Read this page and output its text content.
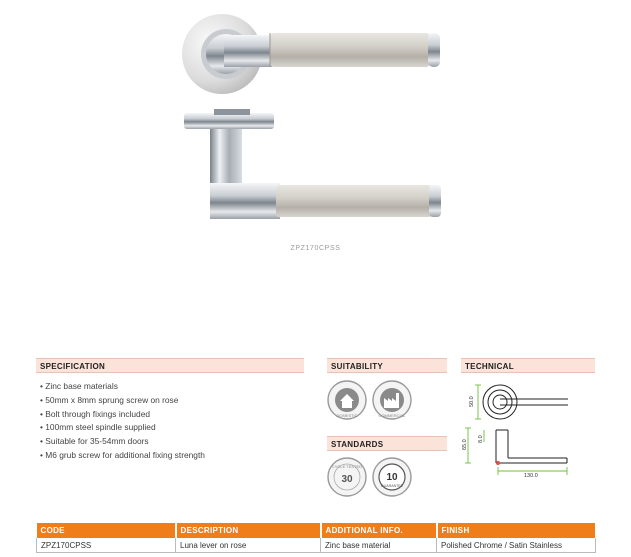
ZPZ170CPSS
SPECIFICATION
• Zinc base materials
• 50mm x 8mm sprung screw on rose
• Bolt through fixings included
• 100mm steel spindle supplied
• Suitable for 35-54mm doors
• M6 grub screw for additional fixing strength
SUITABILITY
DOMESTIC	COMMERCIAL
STANDARDS
CYCLE TESTED
30	10
GUARANTEE
TECHNICAL
50.0
65.0
8.0
130.0
CODE	DESCRIPTION	ADDITIONAL INFO.	FINISH
ZPZ170CPSS	Luna lever on rose	Zinc base material	Polished Chrome / Satin Stainless
